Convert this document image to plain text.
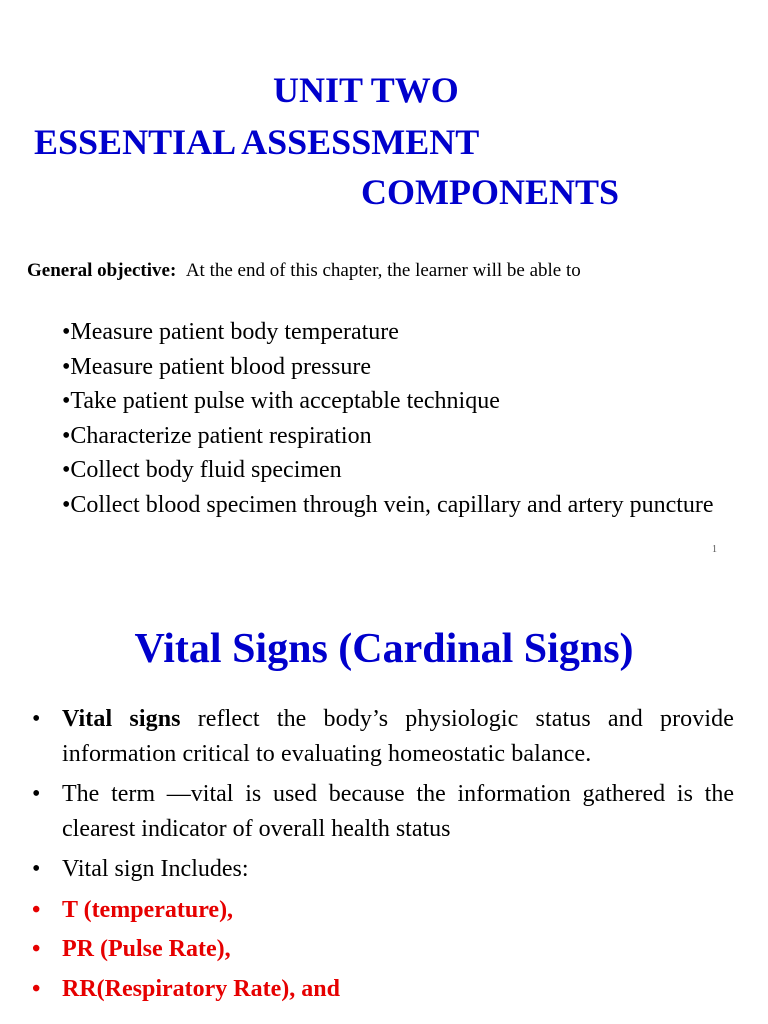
UNIT TWO
ESSENTIAL ASSESSMENT
COMPONENTS
General objective: At the end of this chapter, the learner will be able to
•Measure patient body temperature
•Measure patient blood pressure
•Take patient pulse with acceptable technique
•Characterize patient respiration
•Collect body fluid specimen
•Collect blood specimen through vein, capillary and artery puncture
1
Vital Signs (Cardinal Signs)
• Vital signs reflect the body’s physiologic status and provide information critical to evaluating homeostatic balance.
• The term —vital is used because the information gathered is the clearest indicator of overall health status
• Vital sign Includes:
• T (temperature),
• PR (Pulse Rate),
• RR(Respiratory Rate), and
